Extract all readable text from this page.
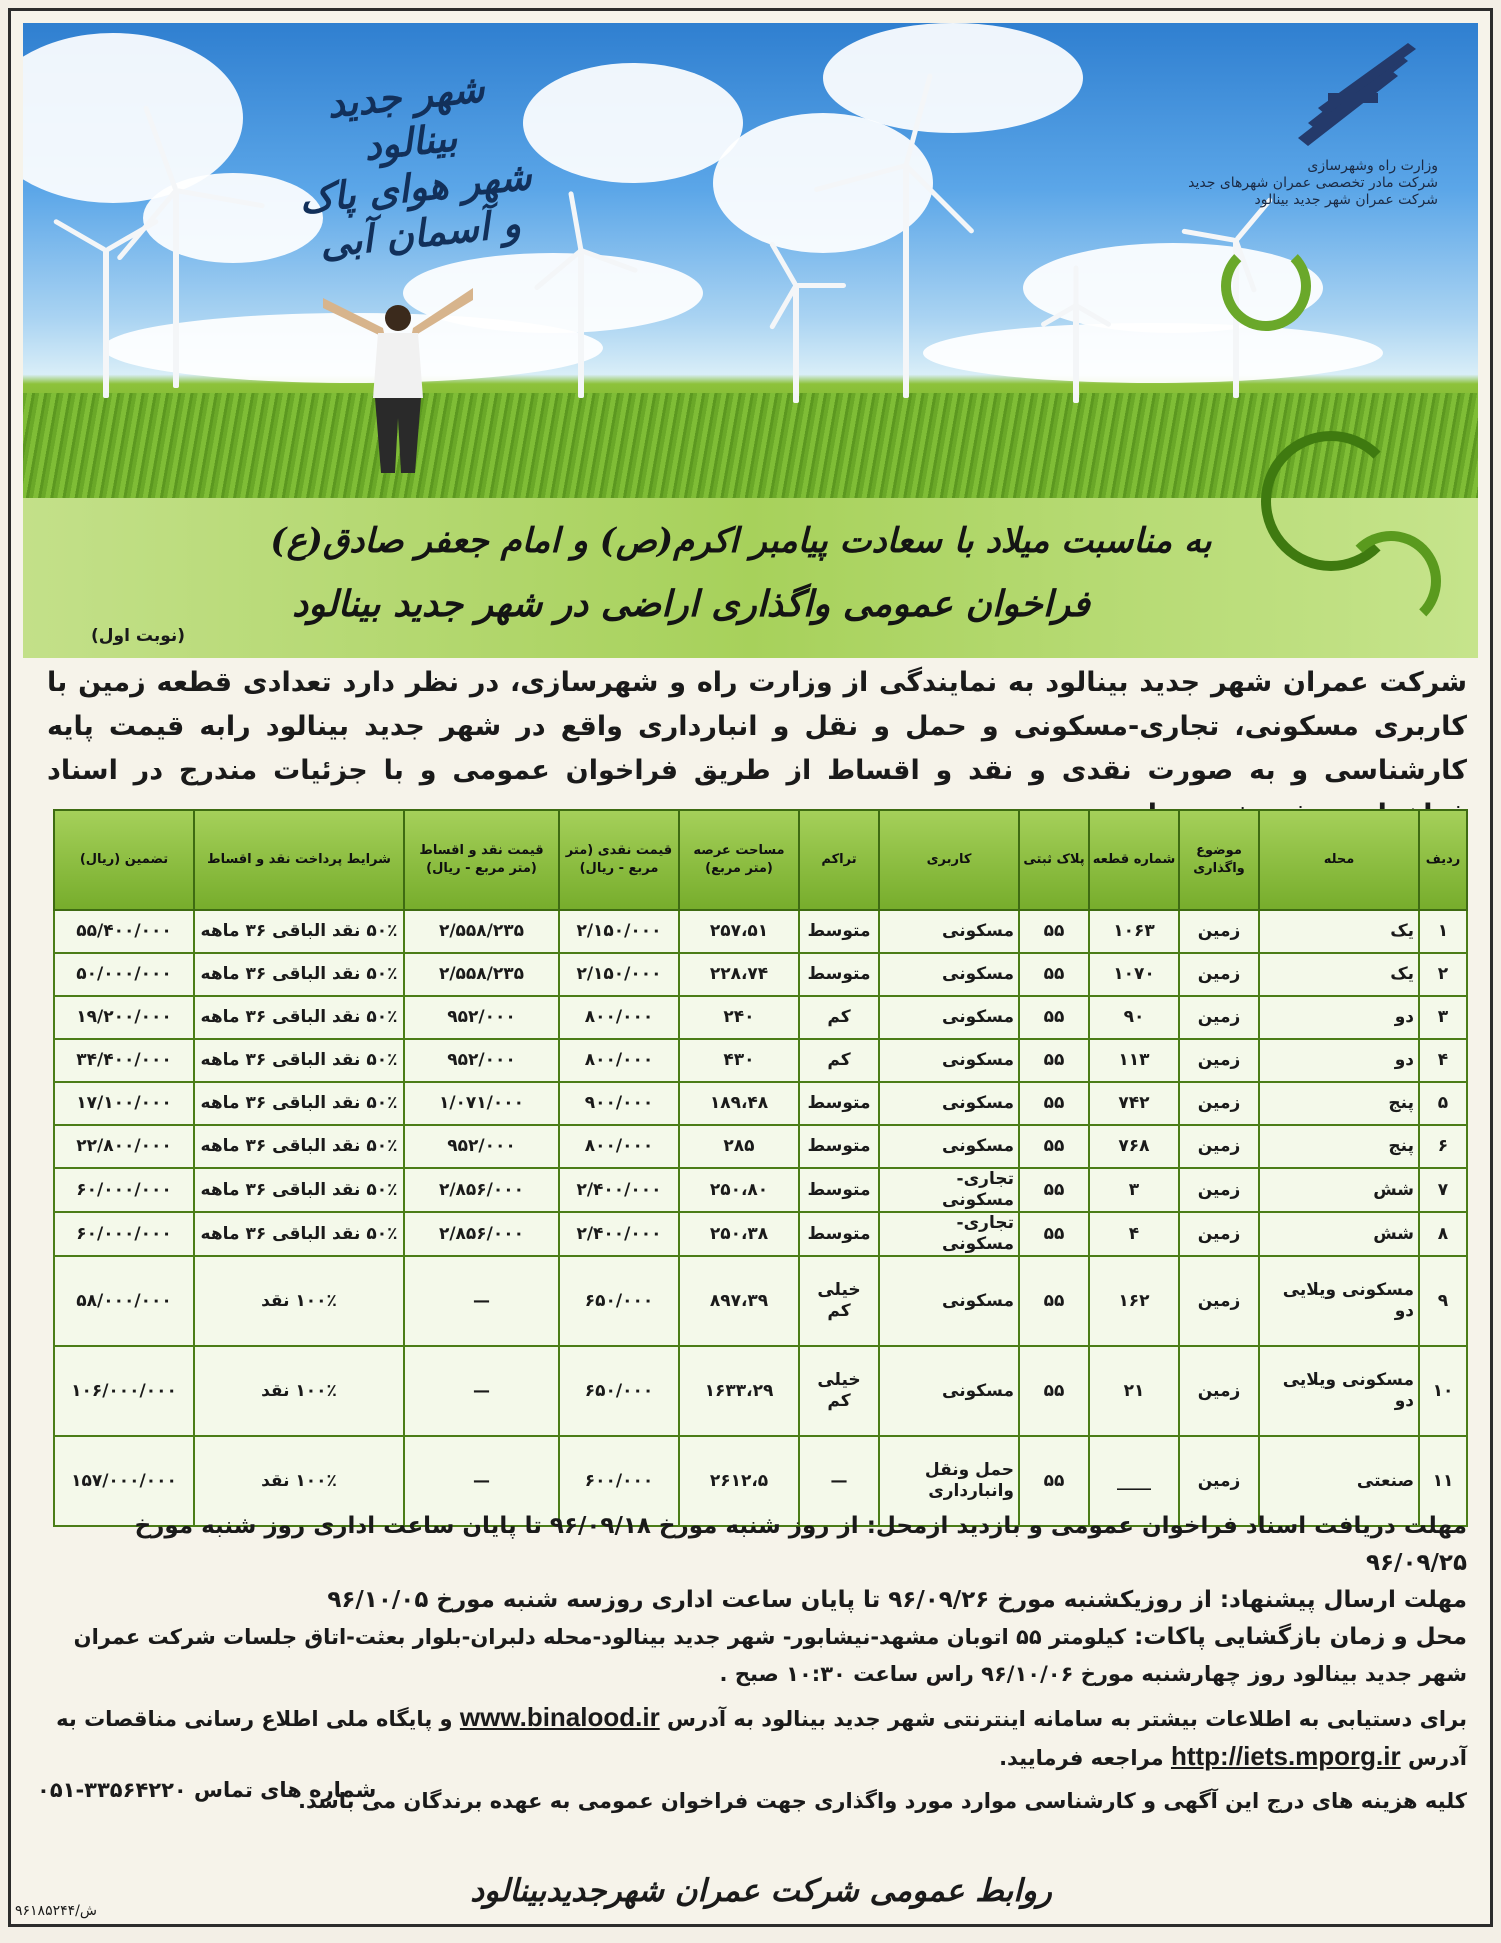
شهر جدید بینالود
شهر هوای پاک و آسمان آبی
وزارت راه وشهرسازی
شرکت مادر تخصصی عمران شهرهای جدید
شرکت عمران شهر جدید بینالود
به مناسبت میلاد با سعادت پیامبر اکرم(ص) و امام جعفر صادق(ع)
فراخوان عمومی واگذاری اراضی در شهر جدید بینالود
(نوبت اول)
شرکت عمران شهر جدید بینالود به نمایندگی از وزارت راه و شهرسازی، در نظر دارد تعدادی قطعه زمین با کاربری مسکونی، تجاری-مسکونی و حمل و نقل و انبارداری واقع در شهر جدید بینالود رابه قیمت پایه کارشناسی و به صورت نقدی و نقد و اقساط از طریق فراخوان عمومی و با جزئیات مندرج در اسناد
ردیف	محله	موضوع واگذاری	شماره قطعه	پلاک ثبتی	کاربری	تراکم	مساحت عرصه (متر مربع)	قیمت نقدی (متر مربع - ریال)	قیمت نقد و اقساط (متر مربع - ریال)	شرایط پرداخت نقد و اقساط	تضمین (ریال)
۱	یک	زمین	۱۰۶۳	۵۵	مسکونی	متوسط	۲۵۷،۵۱	۲/۱۵۰/۰۰۰	۲/۵۵۸/۲۳۵	۵۰٪ نقد الباقی ۳۶ ماهه	۵۵/۴۰۰/۰۰۰
۲	یک	زمین	۱۰۷۰	۵۵	مسکونی	متوسط	۲۲۸،۷۴	۲/۱۵۰/۰۰۰	۲/۵۵۸/۲۳۵	۵۰٪ نقد الباقی ۳۶ ماهه	۵۰/۰۰۰/۰۰۰
۳	دو	زمین	۹۰	۵۵	مسکونی	کم	۲۴۰	۸۰۰/۰۰۰	۹۵۲/۰۰۰	۵۰٪ نقد الباقی ۳۶ ماهه	۱۹/۲۰۰/۰۰۰
۴	دو	زمین	۱۱۳	۵۵	مسکونی	کم	۴۳۰	۸۰۰/۰۰۰	۹۵۲/۰۰۰	۵۰٪ نقد الباقی ۳۶ ماهه	۳۴/۴۰۰/۰۰۰
۵	پنج	زمین	۷۴۲	۵۵	مسکونی	متوسط	۱۸۹،۴۸	۹۰۰/۰۰۰	۱/۰۷۱/۰۰۰	۵۰٪ نقد الباقی ۳۶ ماهه	۱۷/۱۰۰/۰۰۰
۶	پنج	زمین	۷۶۸	۵۵	مسکونی	متوسط	۲۸۵	۸۰۰/۰۰۰	۹۵۲/۰۰۰	۵۰٪ نقد الباقی ۳۶ ماهه	۲۲/۸۰۰/۰۰۰
۷	شش	زمین	۳	۵۵	تجاری- مسکونی	متوسط	۲۵۰،۸۰	۲/۴۰۰/۰۰۰	۲/۸۵۶/۰۰۰	۵۰٪ نقد الباقی ۳۶ ماهه	۶۰/۰۰۰/۰۰۰
۸	شش	زمین	۴	۵۵	تجاری- مسکونی	متوسط	۲۵۰،۳۸	۲/۴۰۰/۰۰۰	۲/۸۵۶/۰۰۰	۵۰٪ نقد الباقی ۳۶ ماهه	۶۰/۰۰۰/۰۰۰
۹	مسکونی ویلایی دو	زمین	۱۶۲	۵۵	مسکونی	خیلی کم	۸۹۷،۳۹	۶۵۰/۰۰۰	—	۱۰۰٪ نقد	۵۸/۰۰۰/۰۰۰
۱۰	مسکونی ویلایی دو	زمین	۲۱	۵۵	مسکونی	خیلی کم	۱۶۳۳،۲۹	۶۵۰/۰۰۰	—	۱۰۰٪ نقد	۱۰۶/۰۰۰/۰۰۰
۱۱	صنعتی	زمین	____	۵۵	حمل ونقل وانبارداری	—	۲۶۱۲،۵	۶۰۰/۰۰۰	—	۱۰۰٪ نقد	۱۵۷/۰۰۰/۰۰۰
مهلت دریافت اسناد فراخوان عمومی و بازدید ازمحل: از روز شنبه مورخ ۹۶/۰۹/۱۸ تا پایان ساعت اداری روز شنبه مورخ ۹۶/۰۹/۲۵
مهلت ارسال پیشنهاد: از روزیکشنبه مورخ ۹۶/۰۹/۲۶ تا پایان ساعت اداری روزسه شنبه مورخ ۹۶/۱۰/۰۵
محل و زمان بازگشایی پاکات: کیلومتر ۵۵ اتوبان مشهد-نیشابور- شهر جدید بینالود-محله دلبران-بلوار بعثت-اتاق جلسات شرکت عمران شهر جدید بینالود روز چهارشنبه مورخ ۹۶/۱۰/۰۶ راس ساعت ۱۰:۳۰ صبح .
برای دستیابی به اطلاعات بیشتر به سامانه اینترنتی شهر جدید بینالود به آدرس www.binalood.ir و پایگاه ملی اطلاع رسانی مناقصات به آدرس http://iets.mporg.ir مراجعه فرمایید.
کلیه هزینه های درج این آگهی و کارشناسی موارد مورد واگذاری جهت فراخوان عمومی به عهده برندگان می باشد.
شماره های تماس ۳۳۵۶۴۲۲۰-۰۵۱
روابط عمومی شرکت عمران شهرجدیدبینالود
۹۶۱۸۵۲۴۴/ش
